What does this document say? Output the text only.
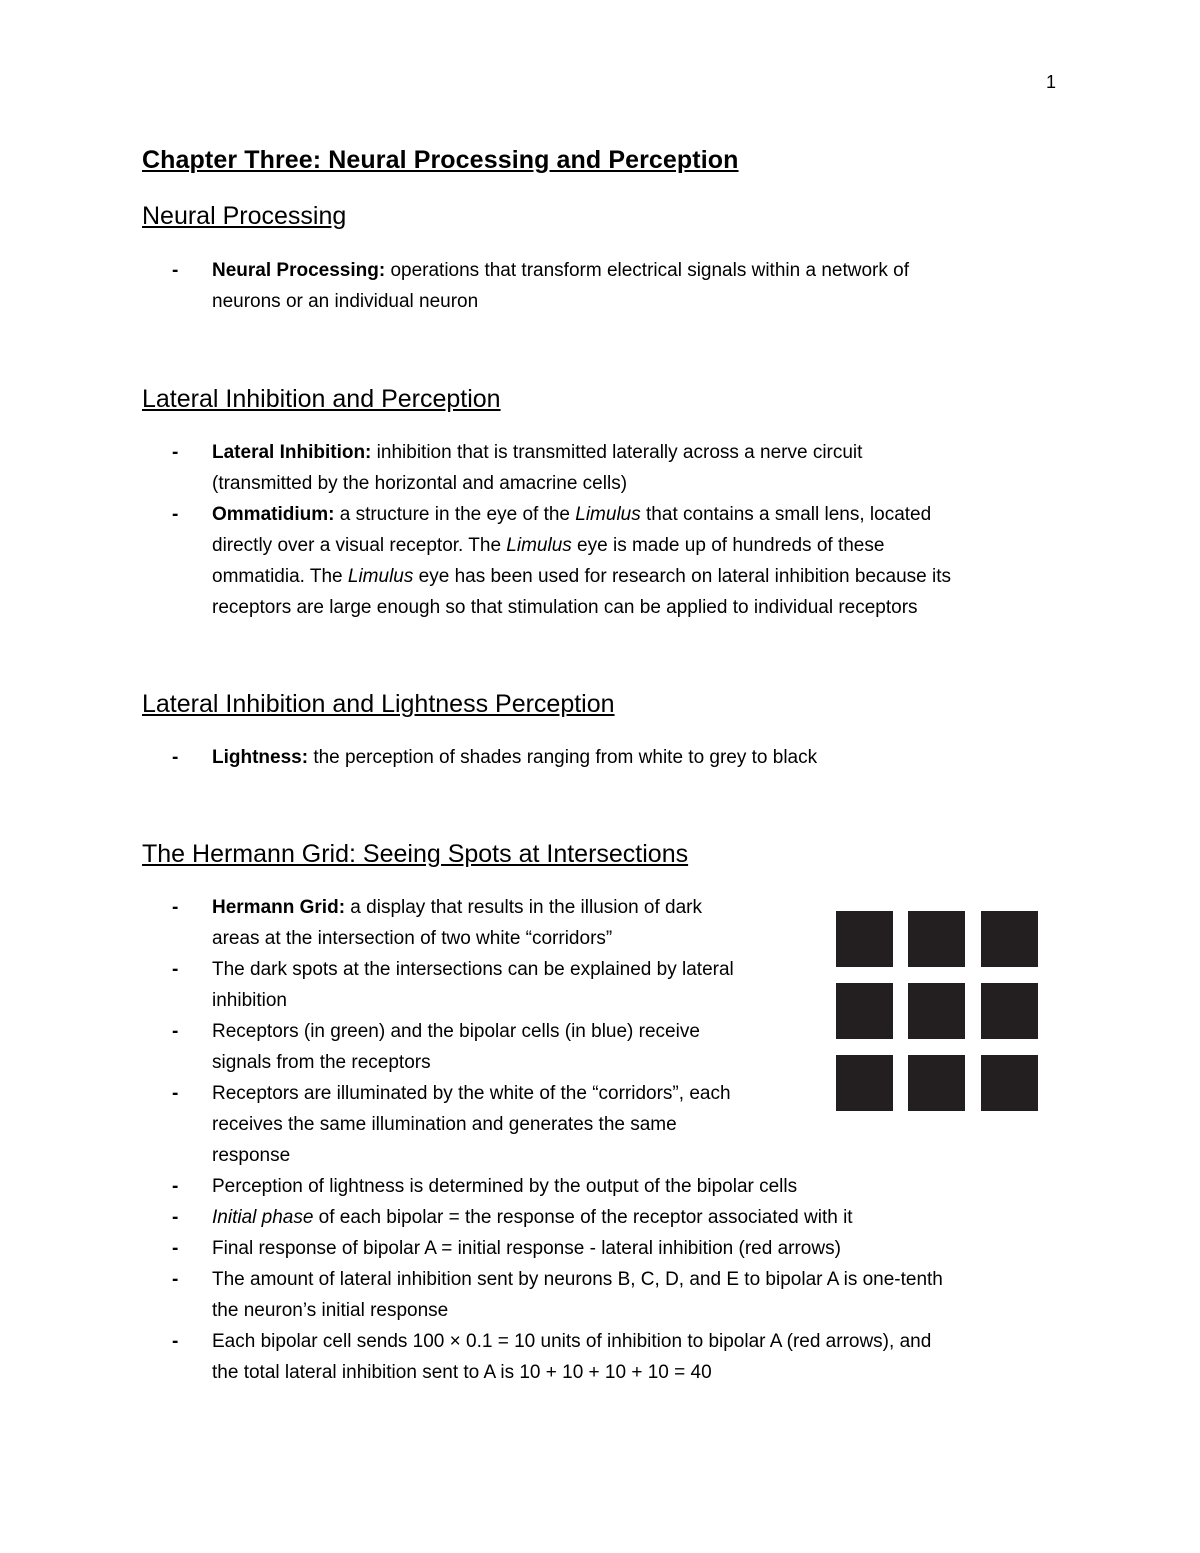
1
Chapter Three: Neural Processing and Perception
Neural Processing
- Neural Processing: operations that transform electrical signals within a network of
neurons or an individual neuron
Lateral Inhibition and Perception
- Lateral Inhibition: inhibition that is transmitted laterally across a nerve circuit
(transmitted by the horizontal and amacrine cells)
- Ommatidium: a structure in the eye of the Limulus that contains a small lens, located
directly over a visual receptor. The Limulus eye is made up of hundreds of these
ommatidia. The Limulus eye has been used for research on lateral inhibition because its
receptors are large enough so that stimulation can be applied to individual receptors
Lateral Inhibition and Lightness Perception
- Lightness: the perception of shades ranging from white to grey to black
The Hermann Grid: Seeing Spots at Intersections
- Hermann Grid: a display that results in the illusion of dark
areas at the intersection of two white “corridors”
- The dark spots at the intersections can be explained by lateral
inhibition
- Receptors (in green) and the bipolar cells (in blue) receive
signals from the receptors
- Receptors are illuminated by the white of the “corridors”, each
receives the same illumination and generates the same
response
- Perception of lightness is determined by the output of the bipolar cells
- Initial phase of each bipolar = the response of the receptor associated with it
- Final response of bipolar A = initial response - lateral inhibition (red arrows)
- The amount of lateral inhibition sent by neurons B, C, D, and E to bipolar A is one-tenth
the neuron’s initial response
- Each bipolar cell sends 100 × 0.1 = 10 units of inhibition to bipolar A (red arrows), and
the total lateral inhibition sent to A is 10 + 10 + 10 + 10 = 40
